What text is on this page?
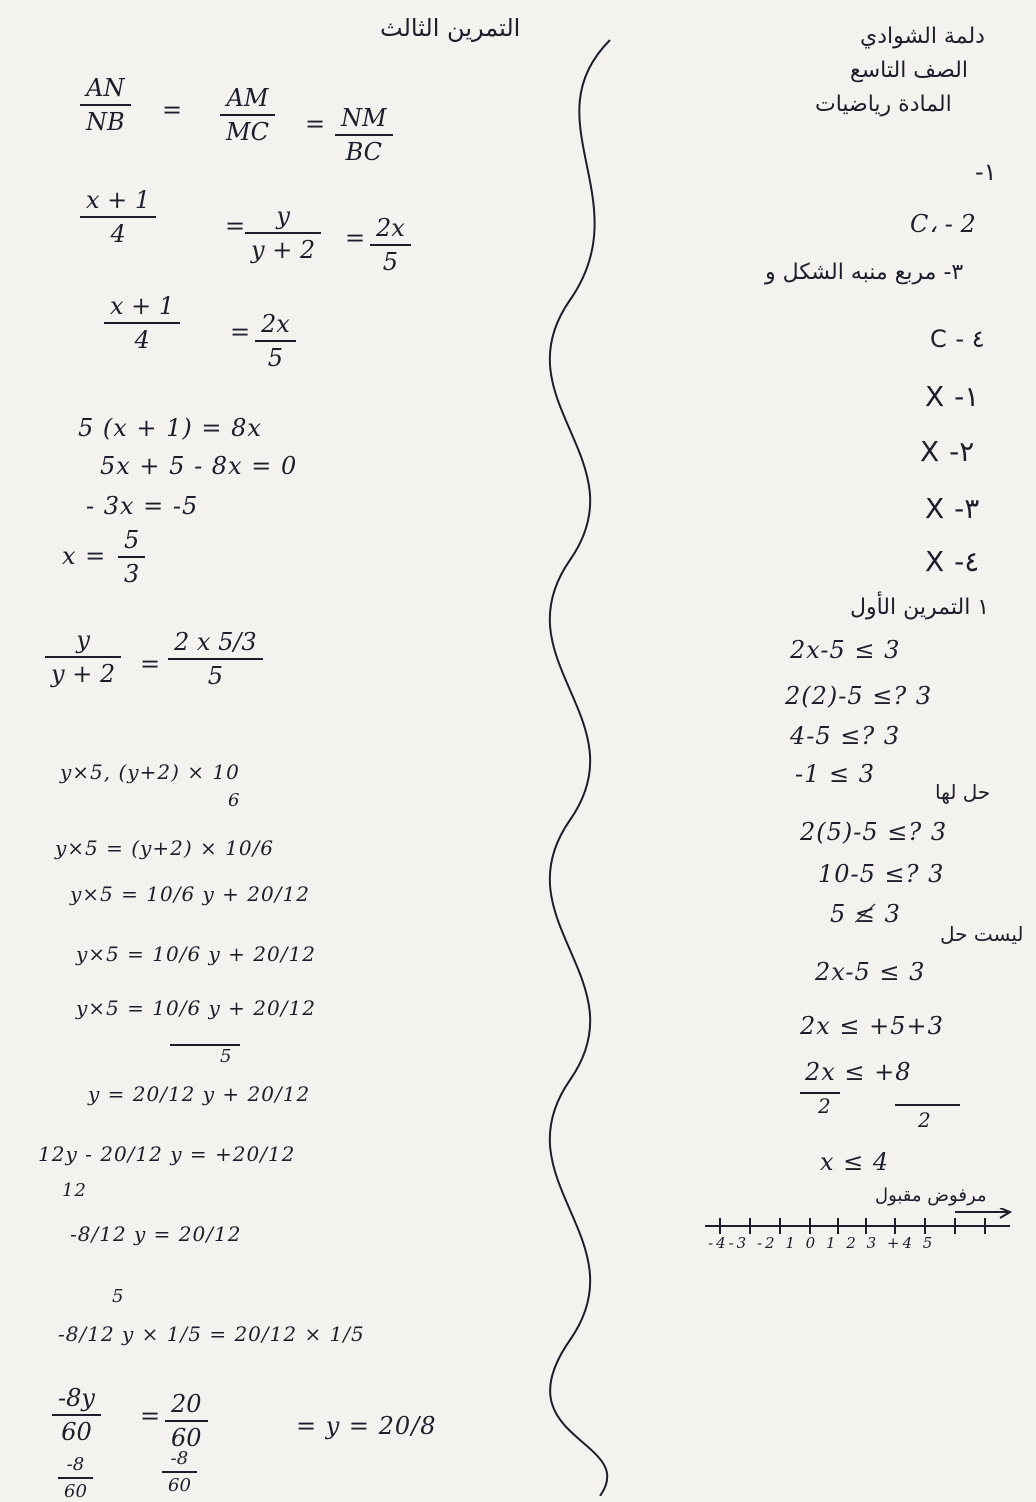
التمرين الثالث	دلمة الشوادي
الصف التاسع
المادة رياضيات
١-
C، - 2
٣- مربع منبه الشكل و
٤ - C
١- X
٢- X
٣- X
٤- X
١ التمرين الأول
2x-5 ≤ 3
2(2)-5 ≤? 3
4-5 ≤? 3
-1 ≤ 3
حل لها
2(5)-5 ≤? 3
10-5 ≤? 3
5 ≰ 3
ليست حل
2x-5 ≤ 3
2x ≤ +5+3
2x ≤ +8
2
2
x ≤ 4
مرفوض مقبول
-4-3 -2 1 0 1 2 3 +4 5
AN
NB = AM
MC = NM
BC
x + 1
4	= y
y + 2 = 2x
5
x + 1
4	= 2x
5
5 (x + 1) = 8x
5x + 5 - 8x = 0
- 3x = -5
x =
5
3
y
y + 2 =
2 x 5/3
5
y×5, (y+2) × 10
6
y×5 = (y+2) × 10/6
y×5 = 10/6 y + 20/12
y×5 = 10/6 y + 20/12
y×5 = 10/6 y + 20/12
5
y = 20/12 y + 20/12
12y - 20/12 y = +20/12
12
-8/12 y = 20/12
5
-8/12 y × 1/5 = 20/12 × 1/5
-8y
60
= 20
60	= y = 20/8
-8
60
-8
60
